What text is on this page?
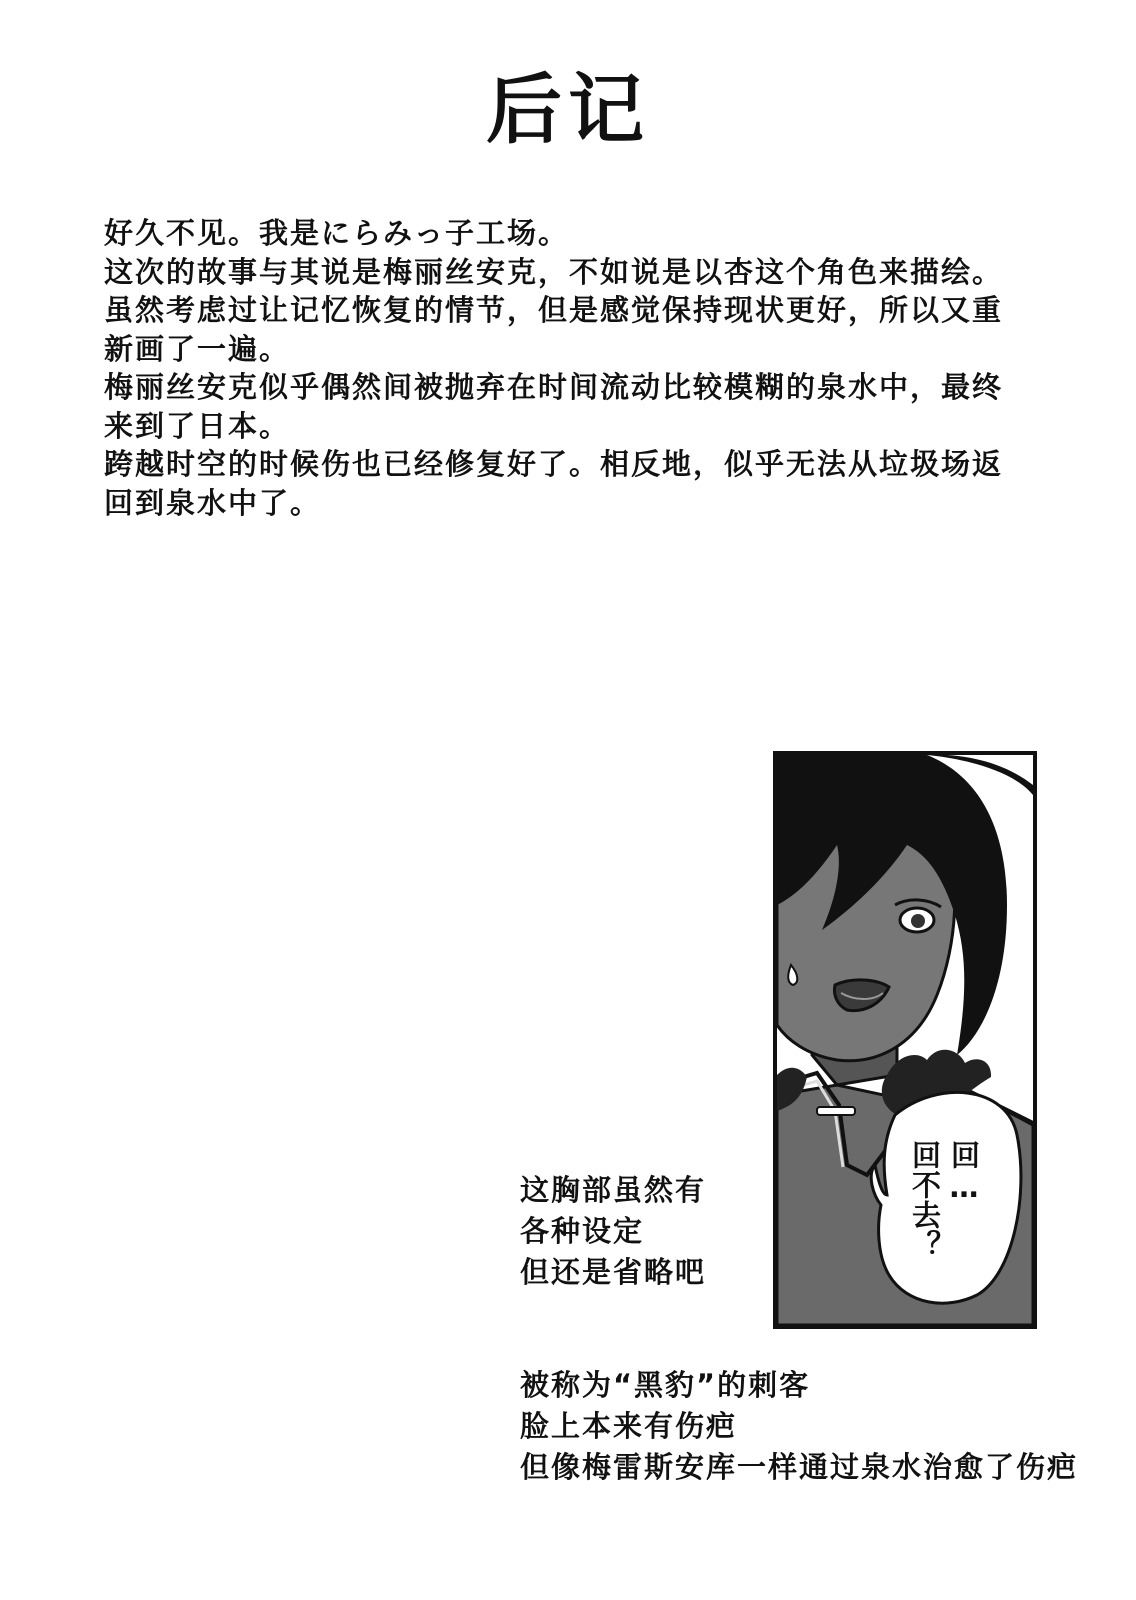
后记
好久不见。我是にらみっ子工场。
这次的故事与其说是梅丽丝安克，不如说是以杏这个角色来描绘。
虽然考虑过让记忆恢复的情节，但是感觉保持现状更好，所以又重
新画了一遍。
梅丽丝安克似乎偶然间被抛弃在时间流动比较模糊的泉水中，最终
来到了日本。
跨越时空的时候伤也已经修复好了。相反地，似乎无法从垃圾场返
回到泉水中了。
回…
回不去？
这胸部虽然有
各种设定
但还是省略吧
被称为“黑豹”的刺客
脸上本来有伤疤
但像梅雷斯安库一样通过泉水治愈了伤疤
